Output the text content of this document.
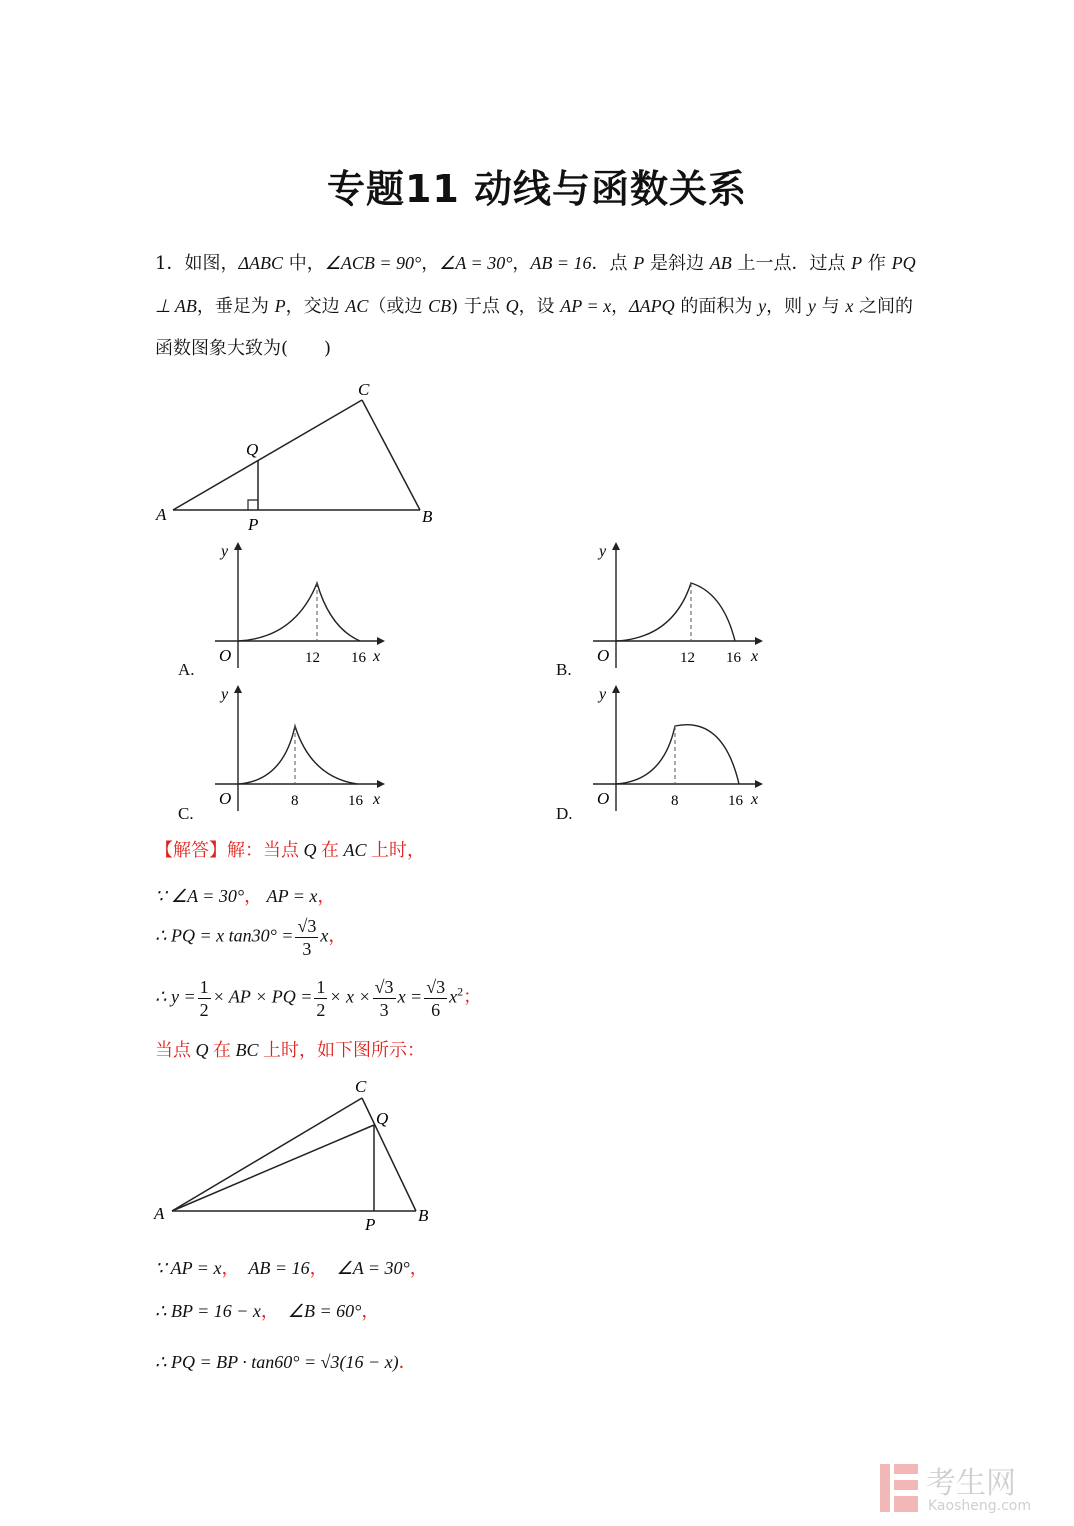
专题11 动线与函数关系
1．如图，ΔABC 中，∠ACB = 90°，∠A = 30°，AB = 16．点 P 是斜边 AB 上一点．过点 P 作 PQ ⊥ AB，垂足为 P，交边 AC（或边 CB) 于点 Q，设 AP = x，ΔAPQ 的面积为 y，则 y 与 x 之间的函数图象大致为(　　)
A	B
C
P
Q
O
y
x
12 16
A.
O
y
x
12 16
B.
O
y
x
8	16
C.
O
y
x
8	16
D.
【解答】解：当点 Q 在 AC 上时，
∵ ∠A = 30°， AP = x，
∴ PQ = x $\tan 30^\circ = \frac{√3}{3}$ x，
∴ $y = \frac{1}{2}$ × AP × PQ = $\frac{1}{2} \times x \times \frac{√3}{3}$ $x = \frac{√3}{6} x^2$；
当点 Q 在 BC 上时，如下图所示：
A	B
C
P
Q
∵ AP = x， AB = 16， ∠A = 30°，
∴ BP = 16 − x， ∠B = 60°，
∴ PQ = BP · tan60° = √3(16 − x)．
考生网
Kaosheng.com
